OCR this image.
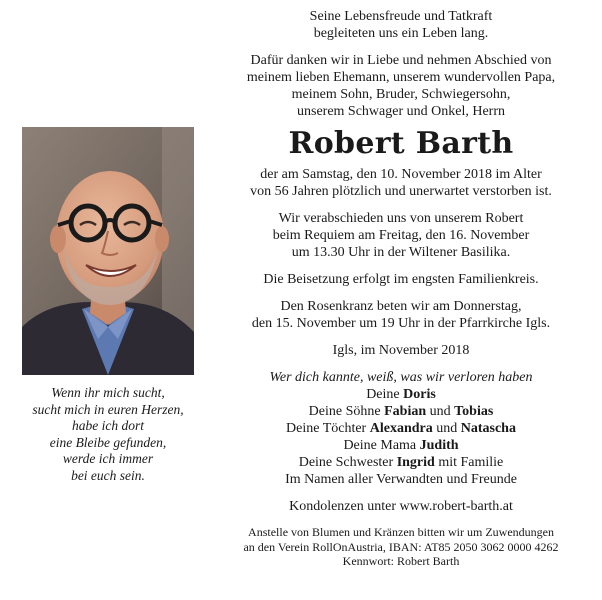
Wenn ihr mich sucht,
sucht mich in euren Herzen,
habe ich dort
eine Bleibe gefunden,
werde ich immer
bei euch sein.
Seine Lebensfreude und Tatkraft
begleiteten uns ein Leben lang.
Dafür danken wir in Liebe und nehmen Abschied von
meinem lieben Ehemann, unserem wundervollen Papa,
meinem Sohn, Bruder, Schwiegersohn,
unserem Schwager und Onkel, Herrn
Robert Barth
der am Samstag, den 10. November 2018 im Alter
von 56 Jahren plötzlich und unerwartet verstorben ist.
Wir verabschieden uns von unserem Robert
beim Requiem am Freitag, den 16. November
um 13.30 Uhr in der Wiltener Basilika.
Die Beisetzung erfolgt im engsten Familienkreis.
Den Rosenkranz beten wir am Donnerstag,
den 15. November um 19 Uhr in der Pfarrkirche Igls.
Igls, im November 2018
Wer dich kannte, weiß, was wir verloren haben
Deine Doris
Deine Söhne Fabian und Tobias
Deine Töchter Alexandra und Natascha
Deine Mama Judith
Deine Schwester Ingrid mit Familie
Im Namen aller Verwandten und Freunde
Kondolenzen unter www.robert-barth.at
Anstelle von Blumen und Kränzen bitten wir um Zuwendungen
an den Verein RollOnAustria, IBAN: AT85 2050 3062 0000 4262
Kennwort: Robert Barth
